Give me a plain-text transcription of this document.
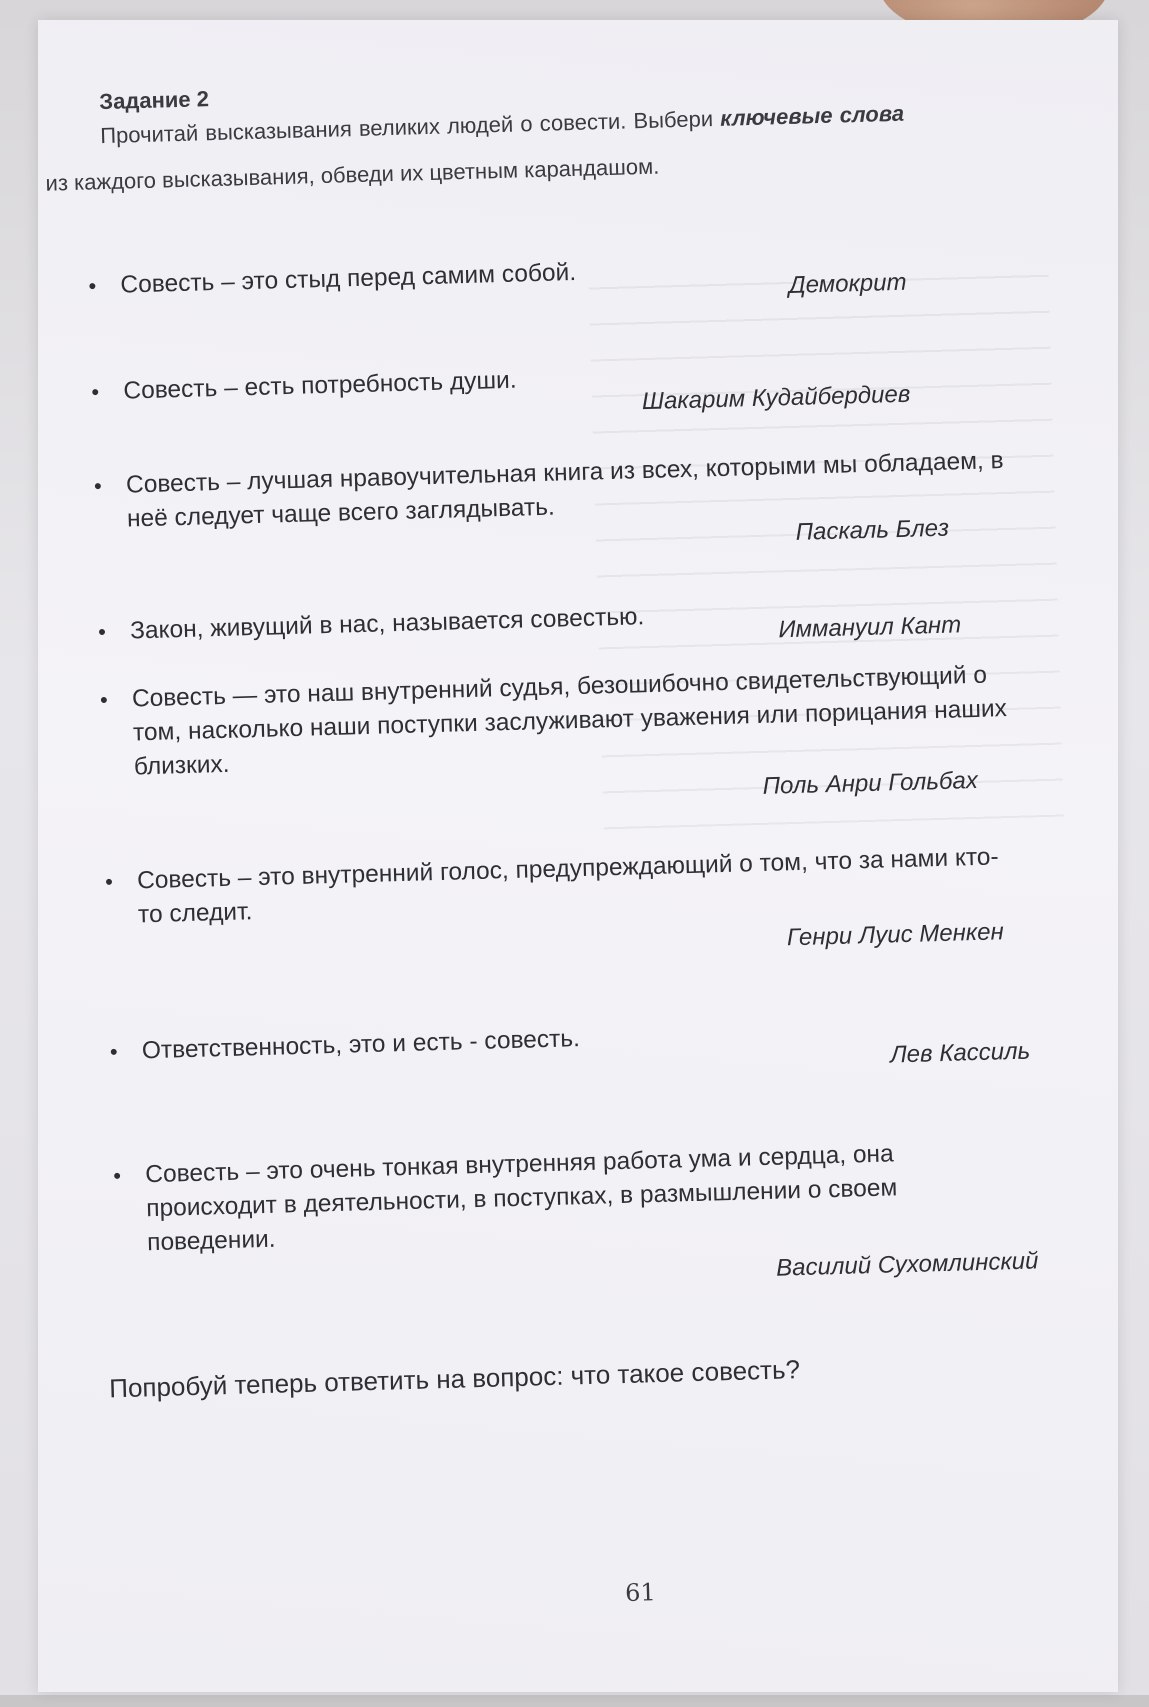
Задание 2
Прочитай высказывания великих людей о совести. Выбери ключевые слова из каждого высказывания, обведи их цветным карандашом.
• Совесть – это стыд перед самим собой.	Демокрит
• Совесть – есть потребность души.	Шакарим Кудайбердиев
• Совесть – лучшая нравоучительная книга из всех, которыми мы обладаем, в неё следует чаще всего заглядывать.	Паскаль Блез
• Закон, живущий в нас, называется совестью.	Иммануил Кант
• Совесть — это наш внутренний судья, безошибочно свидетельствующий о том, насколько наши поступки заслуживают уважения или порицания наших близких.
Поль Анри Гольбах
• Совесть – это внутренний голос, предупреждающий о том, что за нами кто-то следит.
Генри Луис Менкен
• Ответственность, это и есть - совесть.	Лев Кассиль
• Совесть – это очень тонкая внутренняя работа ума и сердца, она происходит в деятельности, в поступках, в размышлении о своем поведении.
Василий Сухомлинский
Попробуй теперь ответить на вопрос: что такое совесть?
61
